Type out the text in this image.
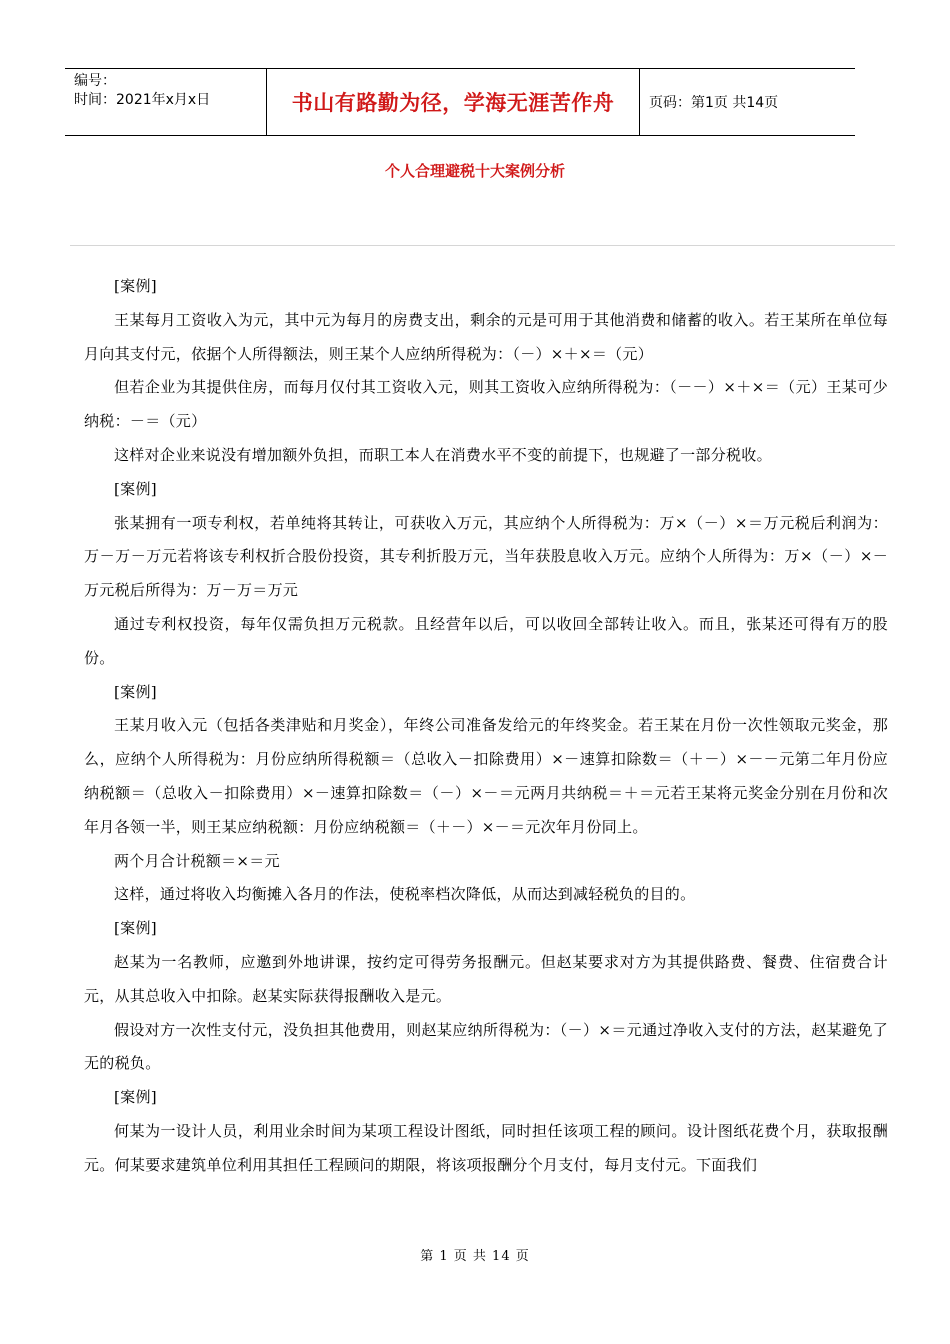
编号：
时间：2021年x月x日	书山有路勤为径，学海无涯苦作舟	页码：第1页 共14页
个人合理避税十大案例分析

[案例]

王某每月工资收入为元，其中元为每月的房费支出，剩余的元是可用于其他消费和储蓄的收入。若王某所在单位每月向其支付元，依据个人所得额法，则王某个人应纳所得税为：（－）×＋×＝（元）

但若企业为其提供住房，而每月仅付其工资收入元，则其工资收入应纳所得税为：（－－）×＋×＝（元）王某可少纳税：－＝（元）

这样对企业来说没有增加额外负担，而职工本人在消费水平不变的前提下，也规避了一部分税收。

[案例]

张某拥有一项专利权，若单纯将其转让，可获收入万元，其应纳个人所得税为：万×（－）×＝万元税后利润为：万－万－万元若将该专利权折合股份投资，其专利折股万元，当年获股息收入万元。应纳个人所得为：万×（－）×－万元税后所得为：万－万＝万元

通过专利权投资，每年仅需负担万元税款。且经营年以后，可以收回全部转让收入。而且，张某还可得有万的股份。

[案例]

王某月收入元（包括各类津贴和月奖金），年终公司准备发给元的年终奖金。若王某在月份一次性领取元奖金，那么，应纳个人所得税为：月份应纳所得税额＝（总收入－扣除费用）×－速算扣除数＝（＋－）×－－元第二年月份应纳税额＝（总收入－扣除费用）×－速算扣除数＝（－）×－＝元两月共纳税＝＋＝元若王某将元奖金分别在月份和次年月各领一半，则王某应纳税额：月份应纳税额＝（＋－）×－＝元次年月份同上。

两个月合计税额＝×＝元

这样，通过将收入均衡摊入各月的作法，使税率档次降低，从而达到减轻税负的目的。

[案例]

赵某为一名教师，应邀到外地讲课，按约定可得劳务报酬元。但赵某要求对方为其提供路费、餐费、住宿费合计元，从其总收入中扣除。赵某实际获得报酬收入是元。

假设对方一次性支付元，没负担其他费用，则赵某应纳所得税为：（－）×＝元通过净收入支付的方法，赵某避免了无的税负。

[案例]

何某为一设计人员，利用业余时间为某项工程设计图纸，同时担任该项工程的顾问。设计图纸花费个月，获取报酬元。何某要求建筑单位利用其担任工程顾问的期限，将该项报酬分个月支付，每月支付元。下面我们

第 1 页 共 14 页
